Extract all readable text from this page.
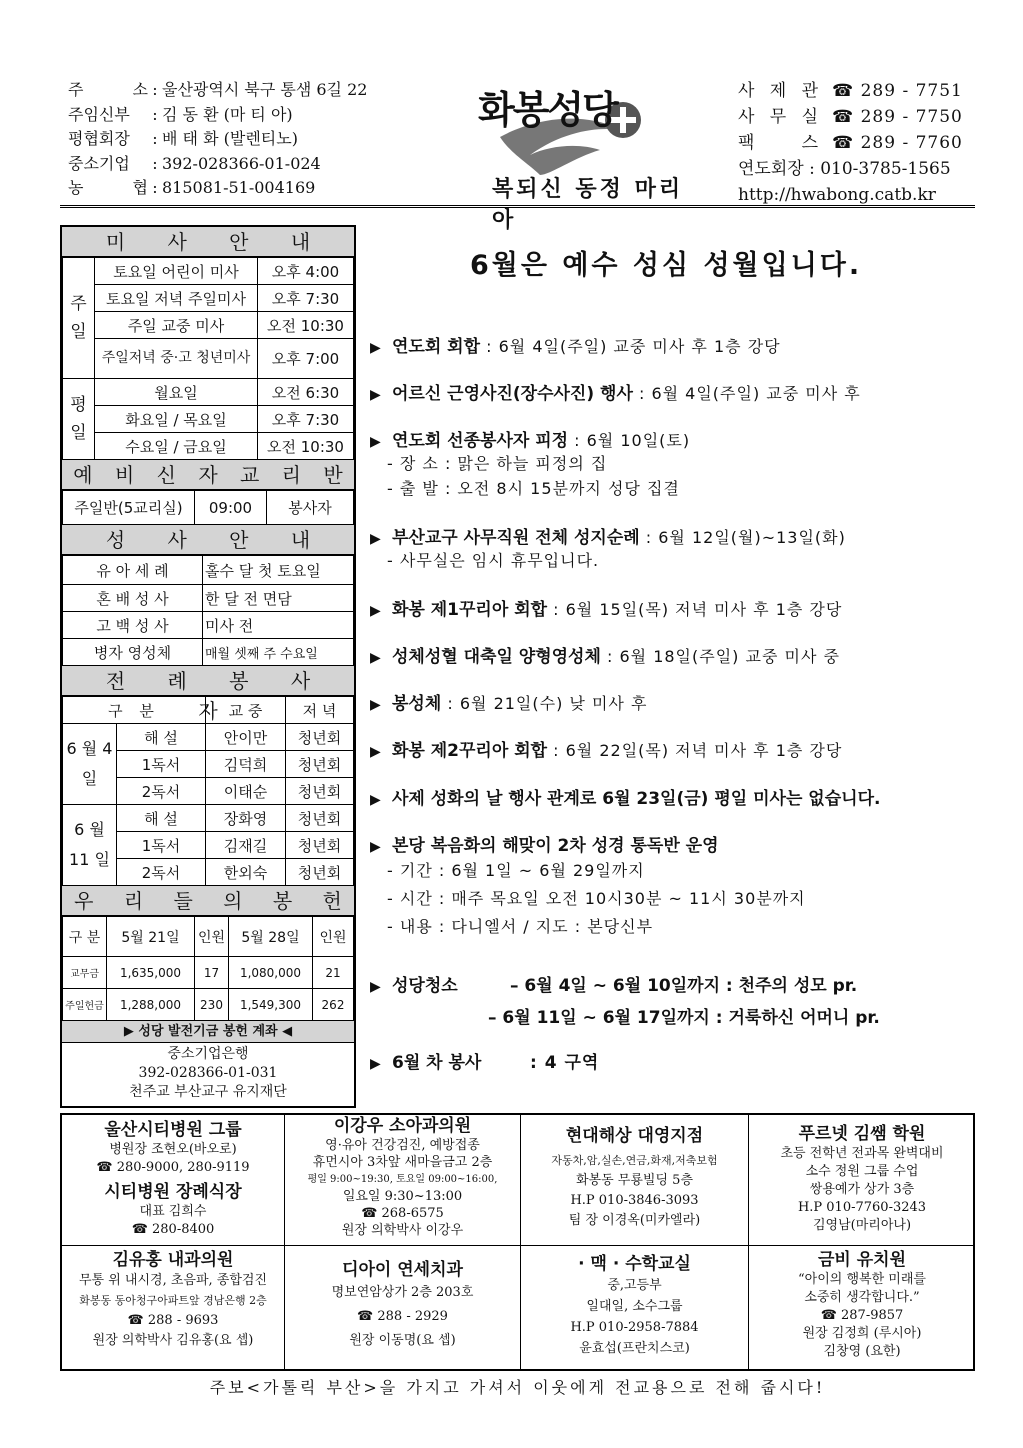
주 소 : 울산광역시 북구 통샘 6길 22
주임신부	: 김 동 환 (마 티 아)
평협회장	: 배 태 화 (발렌티노)
중소기업	: 392-028366-01-024
농 협 : 815081-51-004169
화봉성당
복되신 동정 마리아
사 제 관 ☎ 289 - 7751
사 무 실 ☎ 289 - 7750
팩 스 ☎ 289 - 7760
연도회장 : 010-3785-1565
http://hwabong.catb.kr
미 사 안 내
주일	토요일 어린이 미사	오후 4:00
	토요일 저녁 주일미사	오후 7:30
	주일 교중 미사	오전 10:30
	주일저녁 중·고 청년미사	오후 7:00
평일	월요일	오전 6:30
	화요일 / 목요일	오후 7:30
	수요일 / 금요일	오전 10:30
예 비 신 자 교 리 반
주일반(5교리실)	09:00	봉사자
성 사 안 내
유 아 세 례	홀수 달 첫 토요일
혼 배 성 사	한 달 전 면담
고 백 성 사	미사 전
병자 영성체	매월 셋째 주 수요일
전 례 봉 사 자
구 분		교 중	저 녁
6 월 4 일	해 설	안이만	청년회
	1독서	김덕희	청년회
	2독서	이태순	청년회
6 월 11 일	해 설	장화영	청년회
	1독서	김재길	청년회
	2독서	한외숙	청년회
우 리 들 의 봉 헌
구 분	5월 21일	인원	5월 28일	인원
교무금	1,635,000	17	1,080,000	21
주일헌금	1,288,000	230	1,549,300	262
▶ 성당 발전기금 봉헌 계좌 ◀
중소기업은행
392-028366-01-031
천주교 부산교구 유지재단
6월은 예수 성심 성월입니다.
▶ 연도회 회합 : 6월 4일(주일) 교중 미사 후 1층 강당
▶ 어르신 근영사진(장수사진) 행사 : 6월 4일(주일) 교중 미사 후
▶ 연도회 선종봉사자 피정 : 6월 10일(토)
- 장 소 : 맑은 하늘 피정의 집
- 출 발 : 오전 8시 15분까지 성당 집결
▶ 부산교구 사무직원 전체 성지순례 : 6월 12일(월)~13일(화)
- 사무실은 임시 휴무입니다.
▶ 화봉 제1꾸리아 회합 : 6월 15일(목) 저녁 미사 후 1층 강당
▶ 성체성혈 대축일 양형영성체 : 6월 18일(주일) 교중 미사 중
▶ 봉성체 : 6월 21일(수) 낮 미사 후
▶ 화봉 제2꾸리아 회합 : 6월 22일(목) 저녁 미사 후 1층 강당
▶ 사제 성화의 날 행사 관계로 6월 23일(금) 평일 미사는 없습니다.
▶ 본당 복음화의 해맞이 2차 성경 통독반 운영
- 기간 : 6월 1일 ~ 6월 29일까지
- 시간 : 매주 목요일 오전 10시30분 ~ 11시 30분까지
- 내용 : 다니엘서 / 지도 : 본당신부
▶ 성당청소	– 6월 4일 ~ 6월 10일까지 : 천주의 성모 pr.
– 6월 11일 ~ 6월 17일까지 : 거룩하신 어머니 pr.
▶ 6월 차 봉사	: 4 구역
울산시티병원 그룹
병원장 조현오(바오로)
☎ 280-9000, 280-9119
시티병원 장례식장
대표 김희수
☎ 280-8400
이강우 소아과의원
영·유아 건강검진, 예방접종
휴먼시아 3차앞 새마을금고 2층
평일 9:00~19:30, 토요일 09:00~16:00,
일요일 9:30~13:00
☎ 268-6575
원장 의학박사 이강우
현대해상 대영지점
자동차,암,실손,연금,화재,저축보험
화봉동 무룡빌딩 5층
H.P 010-3846-3093
팀 장 이경옥(미카엘라)
푸르넷 김쌤 학원
초등 전학년 전과목 완벽대비
소수 정원 그룹 수업
쌍용예가 상가 3층
H.P 010-7760-3243
김영남(마리아나)
김유홍 내과의원
무통 위 내시경, 초음파, 종합검진
화봉동 동아청구아파트앞 경남은행 2층
☎ 288 - 9693
원장 의학박사 김유홍(요 셉)
디아이 연세치과
명보연암상가 2층 203호
☎ 288 - 2929
원장 이동명(요 셉)
· 맥 · 수학교실
중,고등부
일대일, 소수그룹
H.P 010-2958-7884
윤효섭(프란치스코)
금비 유치원
“아이의 행복한 미래를
소중히 생각합니다.”
☎ 287-9857
원장 김정희 (루시아)
김창영 (요한)
주보<가톨릭 부산>을 가지고 가셔서 이웃에게 전교용으로 전해 줍시다!
